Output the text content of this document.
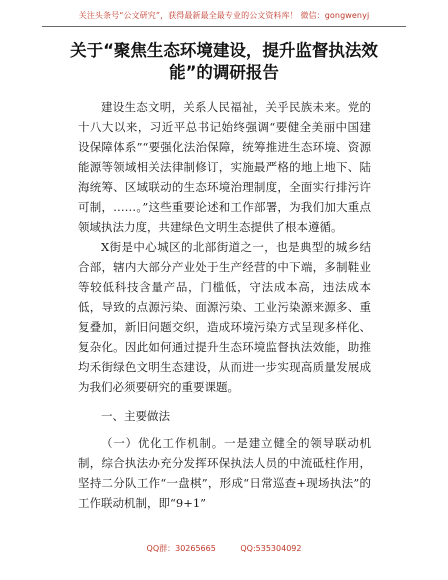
关注头条号“公文研究”，获得最新最全最专业的公文资料库！ 微信：gongwenyj
关于“聚焦生态环境建设，提升监督执法效
能”的调研报告

建设生态文明，关系人民福祉，关乎民族未来。党的十八大以来，习近平总书记始终强调“要健全美丽中国建设保障体系”“要强化法治保障，统筹推进生态环境、资源能源等领域相关法律制修订，实施最严格的地上地下、陆海统筹、区域联动的生态环境治理制度，全面实行排污许可制，……。”这些重要论述和工作部署，为我们加大重点领域执法力度，共建绿色文明生态提供了根本遵循。

X街是中心城区的北部街道之一，也是典型的城乡结合部，辖内大部分产业处于生产经营的中下端，多制鞋业等较低科技含量产品，门槛低，守法成本高，违法成本低，导致的点源污染、面源污染、工业污染源来源多、重复叠加，新旧问题交织，造成环境污染方式呈现多样化、复杂化。因此如何通过提升生态环境监督执法效能，助推均禾街绿色文明生态建设，从而进一步实现高质量发展成为我们必须要研究的重要课题。

一、主要做法

（一）优化工作机制。一是建立健全的领导联动机制，综合执法办充分发挥环保执法人员的中流砥柱作用，坚持二分队工作“一盘棋”，形成“日常巡查+现场执法”的工作联动机制，即“9+1”

QQ群：30265665	QQ:535304092
